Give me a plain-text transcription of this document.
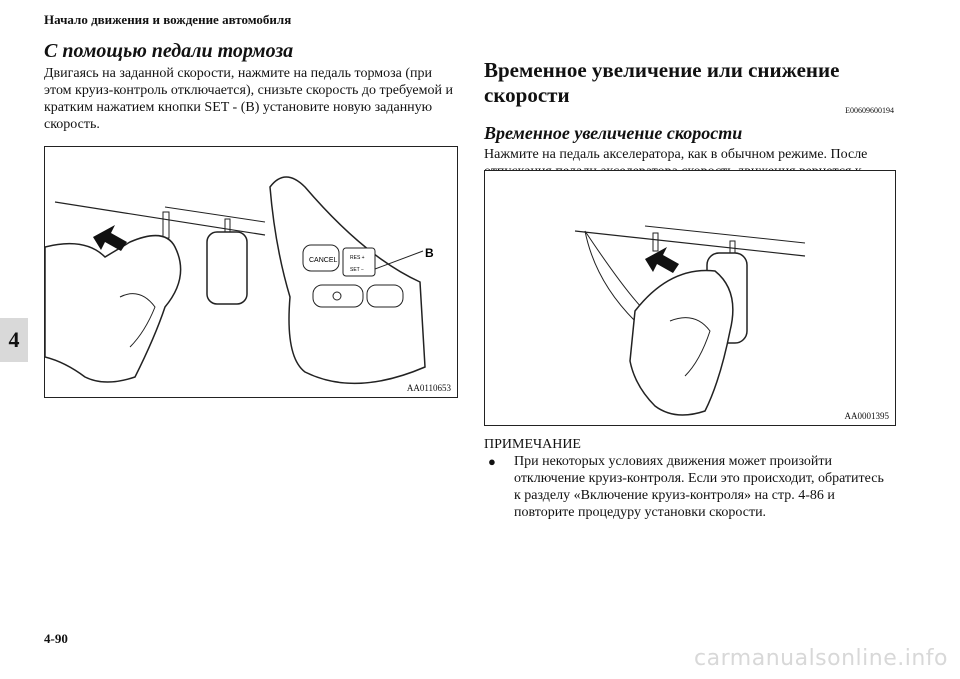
Начало движения и вождение автомобиля
4
С помощью педали тормоза

Двигаясь на заданной скорости, нажмите на педаль тормоза (при этом круиз-контроль отключается), снизьте скорость до требуемой и кратким нажатием кнопки SET - (B) установите новую заданную скорость.

CANCEL	RES +
SET −
B
AA0110653
Временное увеличение или снижение скорости
E00609600194
Временное увеличение скорости

Нажмите на педаль акселератора, как в обычном режиме. После

AA0001395
ПРИМЕЧАНИЕ
●	При некоторых условиях движения может произойти отключение круиз-контроля. Если это происходит, обратитесь к разделу «Включение круиз-контроля» на стр. 4-86 и повторите процедуру установки скорости.
4-90
carmanualsonline.info
